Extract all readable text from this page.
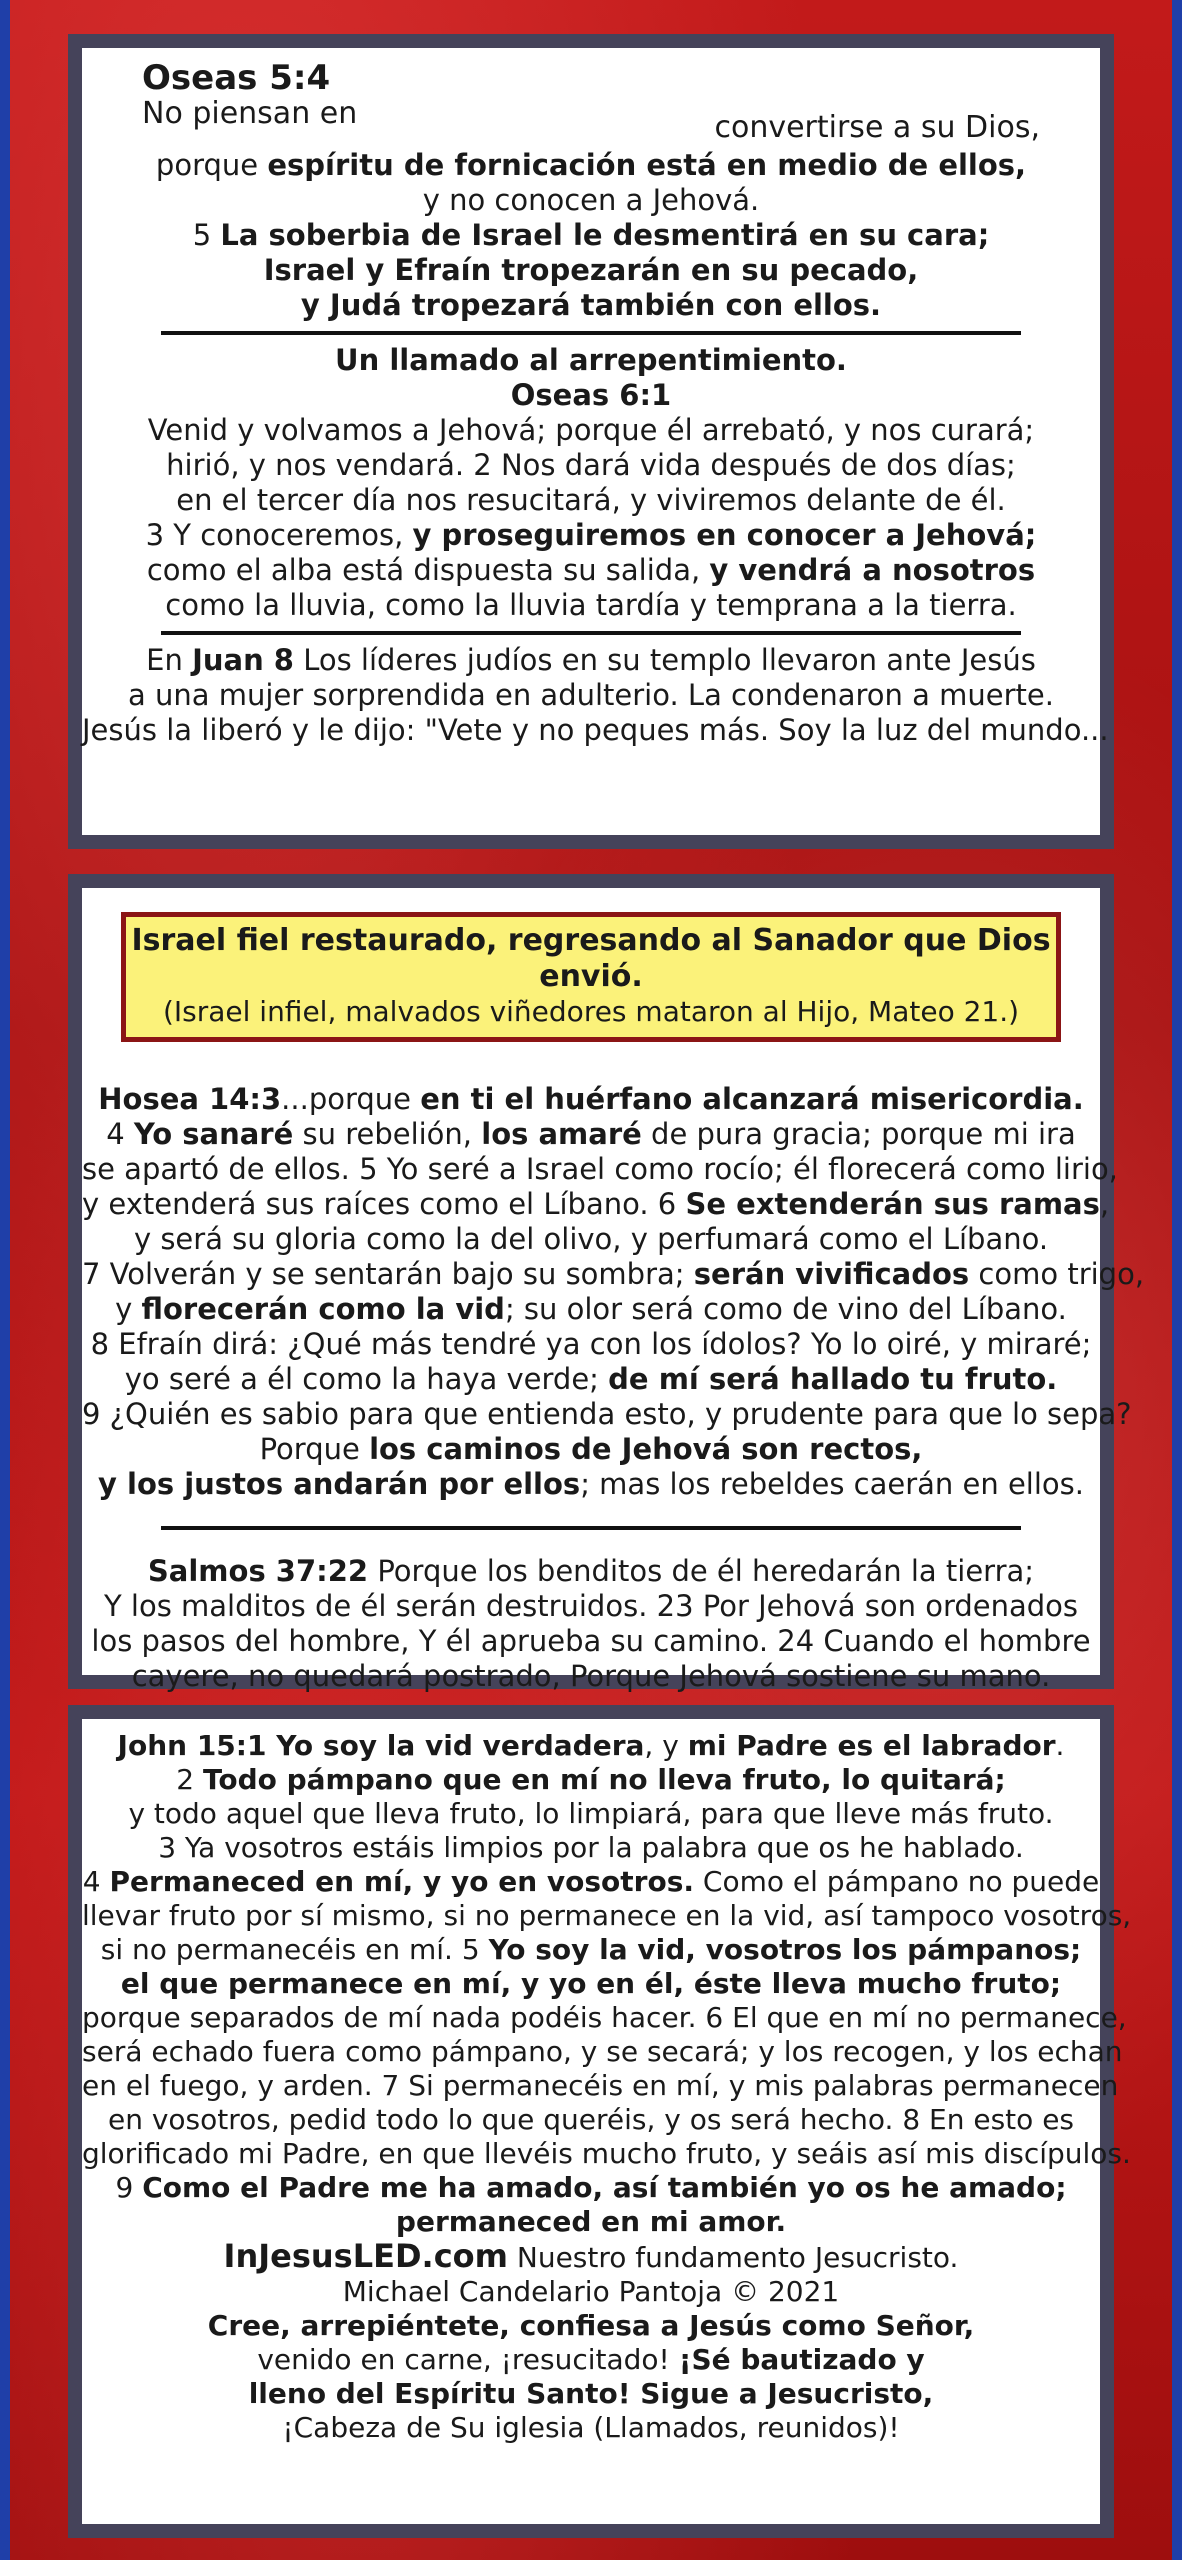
Oseas 5:4
No piensan en	convertirse a su Dios,
porque espíritu de fornicación está en medio de ellos,
y no conocen a Jehová.
5 La soberbia de Israel le desmentirá en su cara;
Israel y Efraín tropezarán en su pecado,
y Judá tropezará también con ellos.
Un llamado al arrepentimiento.
Oseas 6:1
Venid y volvamos a Jehová; porque él arrebató, y nos curará;
hirió, y nos vendará. 2 Nos dará vida después de dos días;
en el tercer día nos resucitará, y viviremos delante de él.
3 Y conoceremos, y proseguiremos en conocer a Jehová;
como el alba está dispuesta su salida, y vendrá a nosotros
como la lluvia, como la lluvia tardía y temprana a la tierra.
En Juan 8 Los líderes judíos en su templo llevaron ante Jesús
a una mujer sorprendida en adulterio. La condenaron a muerte.
Jesús la liberó y le dijo: "Vete y no peques más. Soy la luz del mundo...
Israel fiel restaurado, regresando al Sanador que Dios envió.
(Israel infiel, malvados viñedores mataron al Hijo, Mateo 21.)
Hosea 14:3...porque en ti el huérfano alcanzará misericordia.
4 Yo sanaré su rebelión, los amaré de pura gracia; porque mi ira
se apartó de ellos. 5 Yo seré a Israel como rocío; él florecerá como lirio,
y extenderá sus raíces como el Líbano. 6 Se extenderán sus ramas,
y será su gloria como la del olivo, y perfumará como el Líbano.
7 Volverán y se sentarán bajo su sombra; serán vivificados como trigo,
y florecerán como la vid; su olor será como de vino del Líbano.
8 Efraín dirá: ¿Qué más tendré ya con los ídolos? Yo lo oiré, y miraré;
yo seré a él como la haya verde; de mí será hallado tu fruto.
9 ¿Quién es sabio para que entienda esto, y prudente para que lo sepa?
Porque los caminos de Jehová son rectos,
y los justos andarán por ellos; mas los rebeldes caerán en ellos.
Salmos 37:22 Porque los benditos de él heredarán la tierra;
Y los malditos de él serán destruidos. 23 Por Jehová son ordenados
los pasos del hombre, Y él aprueba su camino. 24 Cuando el hombre
cayere, no quedará postrado, Porque Jehová sostiene su mano.
John 15:1 Yo soy la vid verdadera, y mi Padre es el labrador.
2 Todo pámpano que en mí no lleva fruto, lo quitará;
y todo aquel que lleva fruto, lo limpiará, para que lleve más fruto.
3 Ya vosotros estáis limpios por la palabra que os he hablado.
4 Permaneced en mí, y yo en vosotros. Como el pámpano no puede
llevar fruto por sí mismo, si no permanece en la vid, así tampoco vosotros,
si no permanecéis en mí. 5 Yo soy la vid, vosotros los pámpanos;
el que permanece en mí, y yo en él, éste lleva mucho fruto;
porque separados de mí nada podéis hacer. 6 El que en mí no permanece,
será echado fuera como pámpano, y se secará; y los recogen, y los echan
en el fuego, y arden. 7 Si permanecéis en mí, y mis palabras permanecen
en vosotros, pedid todo lo que queréis, y os será hecho. 8 En esto es
glorificado mi Padre, en que llevéis mucho fruto, y seáis así mis discípulos.
9 Como el Padre me ha amado, así también yo os he amado;
permaneced en mi amor.
InJesusLED.com Nuestro fundamento Jesucristo.
Michael Candelario Pantoja © 2021
Cree, arrepiéntete, confiesa a Jesús como Señor,
venido en carne, ¡resucitado! ¡Sé bautizado y
lleno del Espíritu Santo! Sigue a Jesucristo,
¡Cabeza de Su iglesia (Llamados, reunidos)!
